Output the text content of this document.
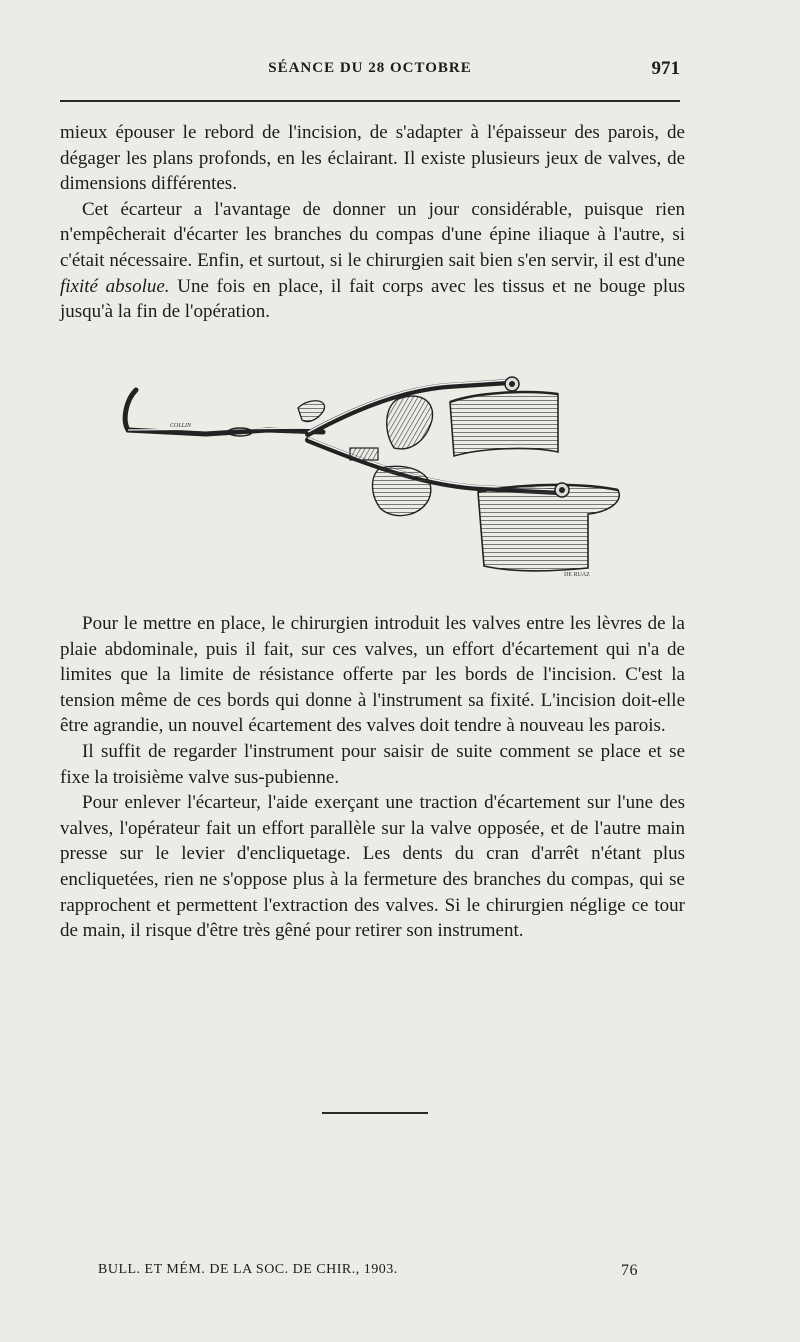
SÉANCE DU 28 OCTOBRE	971

mieux épouser le rebord de l'incision, de s'adapter à l'épaisseur des parois, de dégager les plans profonds, en les éclairant. Il existe plusieurs jeux de valves, de dimensions différentes.

Cet écarteur a l'avantage de donner un jour considérable, puisque rien n'empêcherait d'écarter les branches du compas d'une épine iliaque à l'autre, si c'était nécessaire. Enfin, et surtout, si le chirurgien sait bien s'en servir, il est d'une fixité absolue. Une fois en place, il fait corps avec les tissus et ne bouge plus jusqu'à la fin de l'opération.

COLLIN
DE RUAZ

Pour le mettre en place, le chirurgien introduit les valves entre les lèvres de la plaie abdominale, puis il fait, sur ces valves, un effort d'écartement qui n'a de limites que la limite de résistance offerte par les bords de l'incision. C'est la tension même de ces bords qui donne à l'instrument sa fixité. L'incision doit-elle être agrandie, un nouvel écartement des valves doit tendre à nouveau les parois.

Il suffit de regarder l'instrument pour saisir de suite comment se place et se fixe la troisième valve sus-pubienne.

Pour enlever l'écarteur, l'aide exerçant une traction d'écartement sur l'une des valves, l'opérateur fait un effort parallèle sur la valve opposée, et de l'autre main presse sur le levier d'encliquetage. Les dents du cran d'arrêt n'étant plus encliquetées, rien ne s'oppose plus à la fermeture des branches du compas, qui se rapprochent et permettent l'extraction des valves. Si le chirurgien néglige ce tour de main, il risque d'être très gêné pour retirer son instrument.

BULL. ET MÉM. DE LA SOC. DE CHIR., 1903.	76
